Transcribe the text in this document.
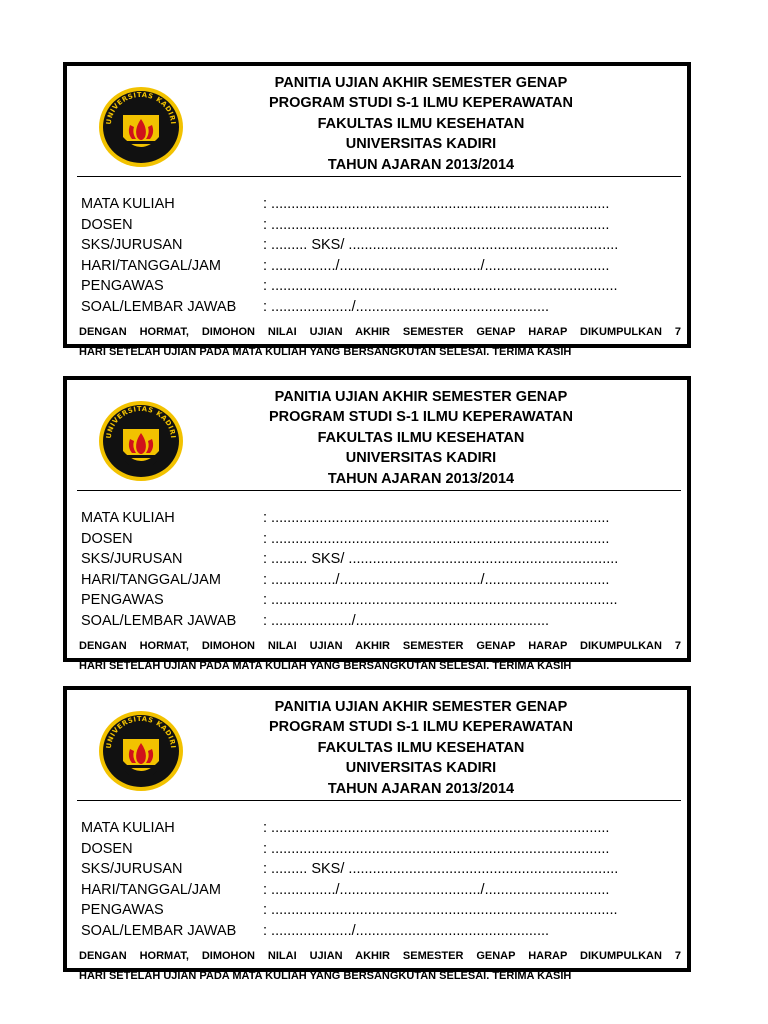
UNIVERSITAS KADIRI
PANITIA UJIAN AKHIR SEMESTER GENAP
PROGRAM STUDI S-1 ILMU KEPERAWATAN
FAKULTAS ILMU KESEHATAN
UNIVERSITAS KADIRI
TAHUN AJARAN 2013/2014
MATA KULIAH	: ....................................................................................
DOSEN	: ....................................................................................
SKS/JURUSAN	: ......... SKS/ ...................................................................
HARI/TANGGAL/JAM	: ................/.................................../...............................
PENGAWAS	: ......................................................................................
SOAL/LEMBAR JAWAB	: ..................../................................................
DENGAN HORMAT, DIMOHON NILAI UJIAN AKHIR SEMESTER GENAP HARAP DIKUMPULKAN 7
HARI SETELAH UJIAN PADA MATA KULIAH YANG BERSANGKUTAN SELESAI. TERIMA KASIH
UNIVERSITAS KADIRI
PANITIA UJIAN AKHIR SEMESTER GENAP
PROGRAM STUDI S-1 ILMU KEPERAWATAN
FAKULTAS ILMU KESEHATAN
UNIVERSITAS KADIRI
TAHUN AJARAN 2013/2014
MATA KULIAH	: ....................................................................................
DOSEN	: ....................................................................................
SKS/JURUSAN	: ......... SKS/ ...................................................................
HARI/TANGGAL/JAM	: ................/.................................../...............................
PENGAWAS	: ......................................................................................
SOAL/LEMBAR JAWAB	: ..................../................................................
DENGAN HORMAT, DIMOHON NILAI UJIAN AKHIR SEMESTER GENAP HARAP DIKUMPULKAN 7
HARI SETELAH UJIAN PADA MATA KULIAH YANG BERSANGKUTAN SELESAI. TERIMA KASIH
UNIVERSITAS KADIRI
PANITIA UJIAN AKHIR SEMESTER GENAP
PROGRAM STUDI S-1 ILMU KEPERAWATAN
FAKULTAS ILMU KESEHATAN
UNIVERSITAS KADIRI
TAHUN AJARAN 2013/2014
MATA KULIAH	: ....................................................................................
DOSEN	: ....................................................................................
SKS/JURUSAN	: ......... SKS/ ...................................................................
HARI/TANGGAL/JAM	: ................/.................................../...............................
PENGAWAS	: ......................................................................................
SOAL/LEMBAR JAWAB	: ..................../................................................
DENGAN HORMAT, DIMOHON NILAI UJIAN AKHIR SEMESTER GENAP HARAP DIKUMPULKAN 7
HARI SETELAH UJIAN PADA MATA KULIAH YANG BERSANGKUTAN SELESAI. TERIMA KASIH
